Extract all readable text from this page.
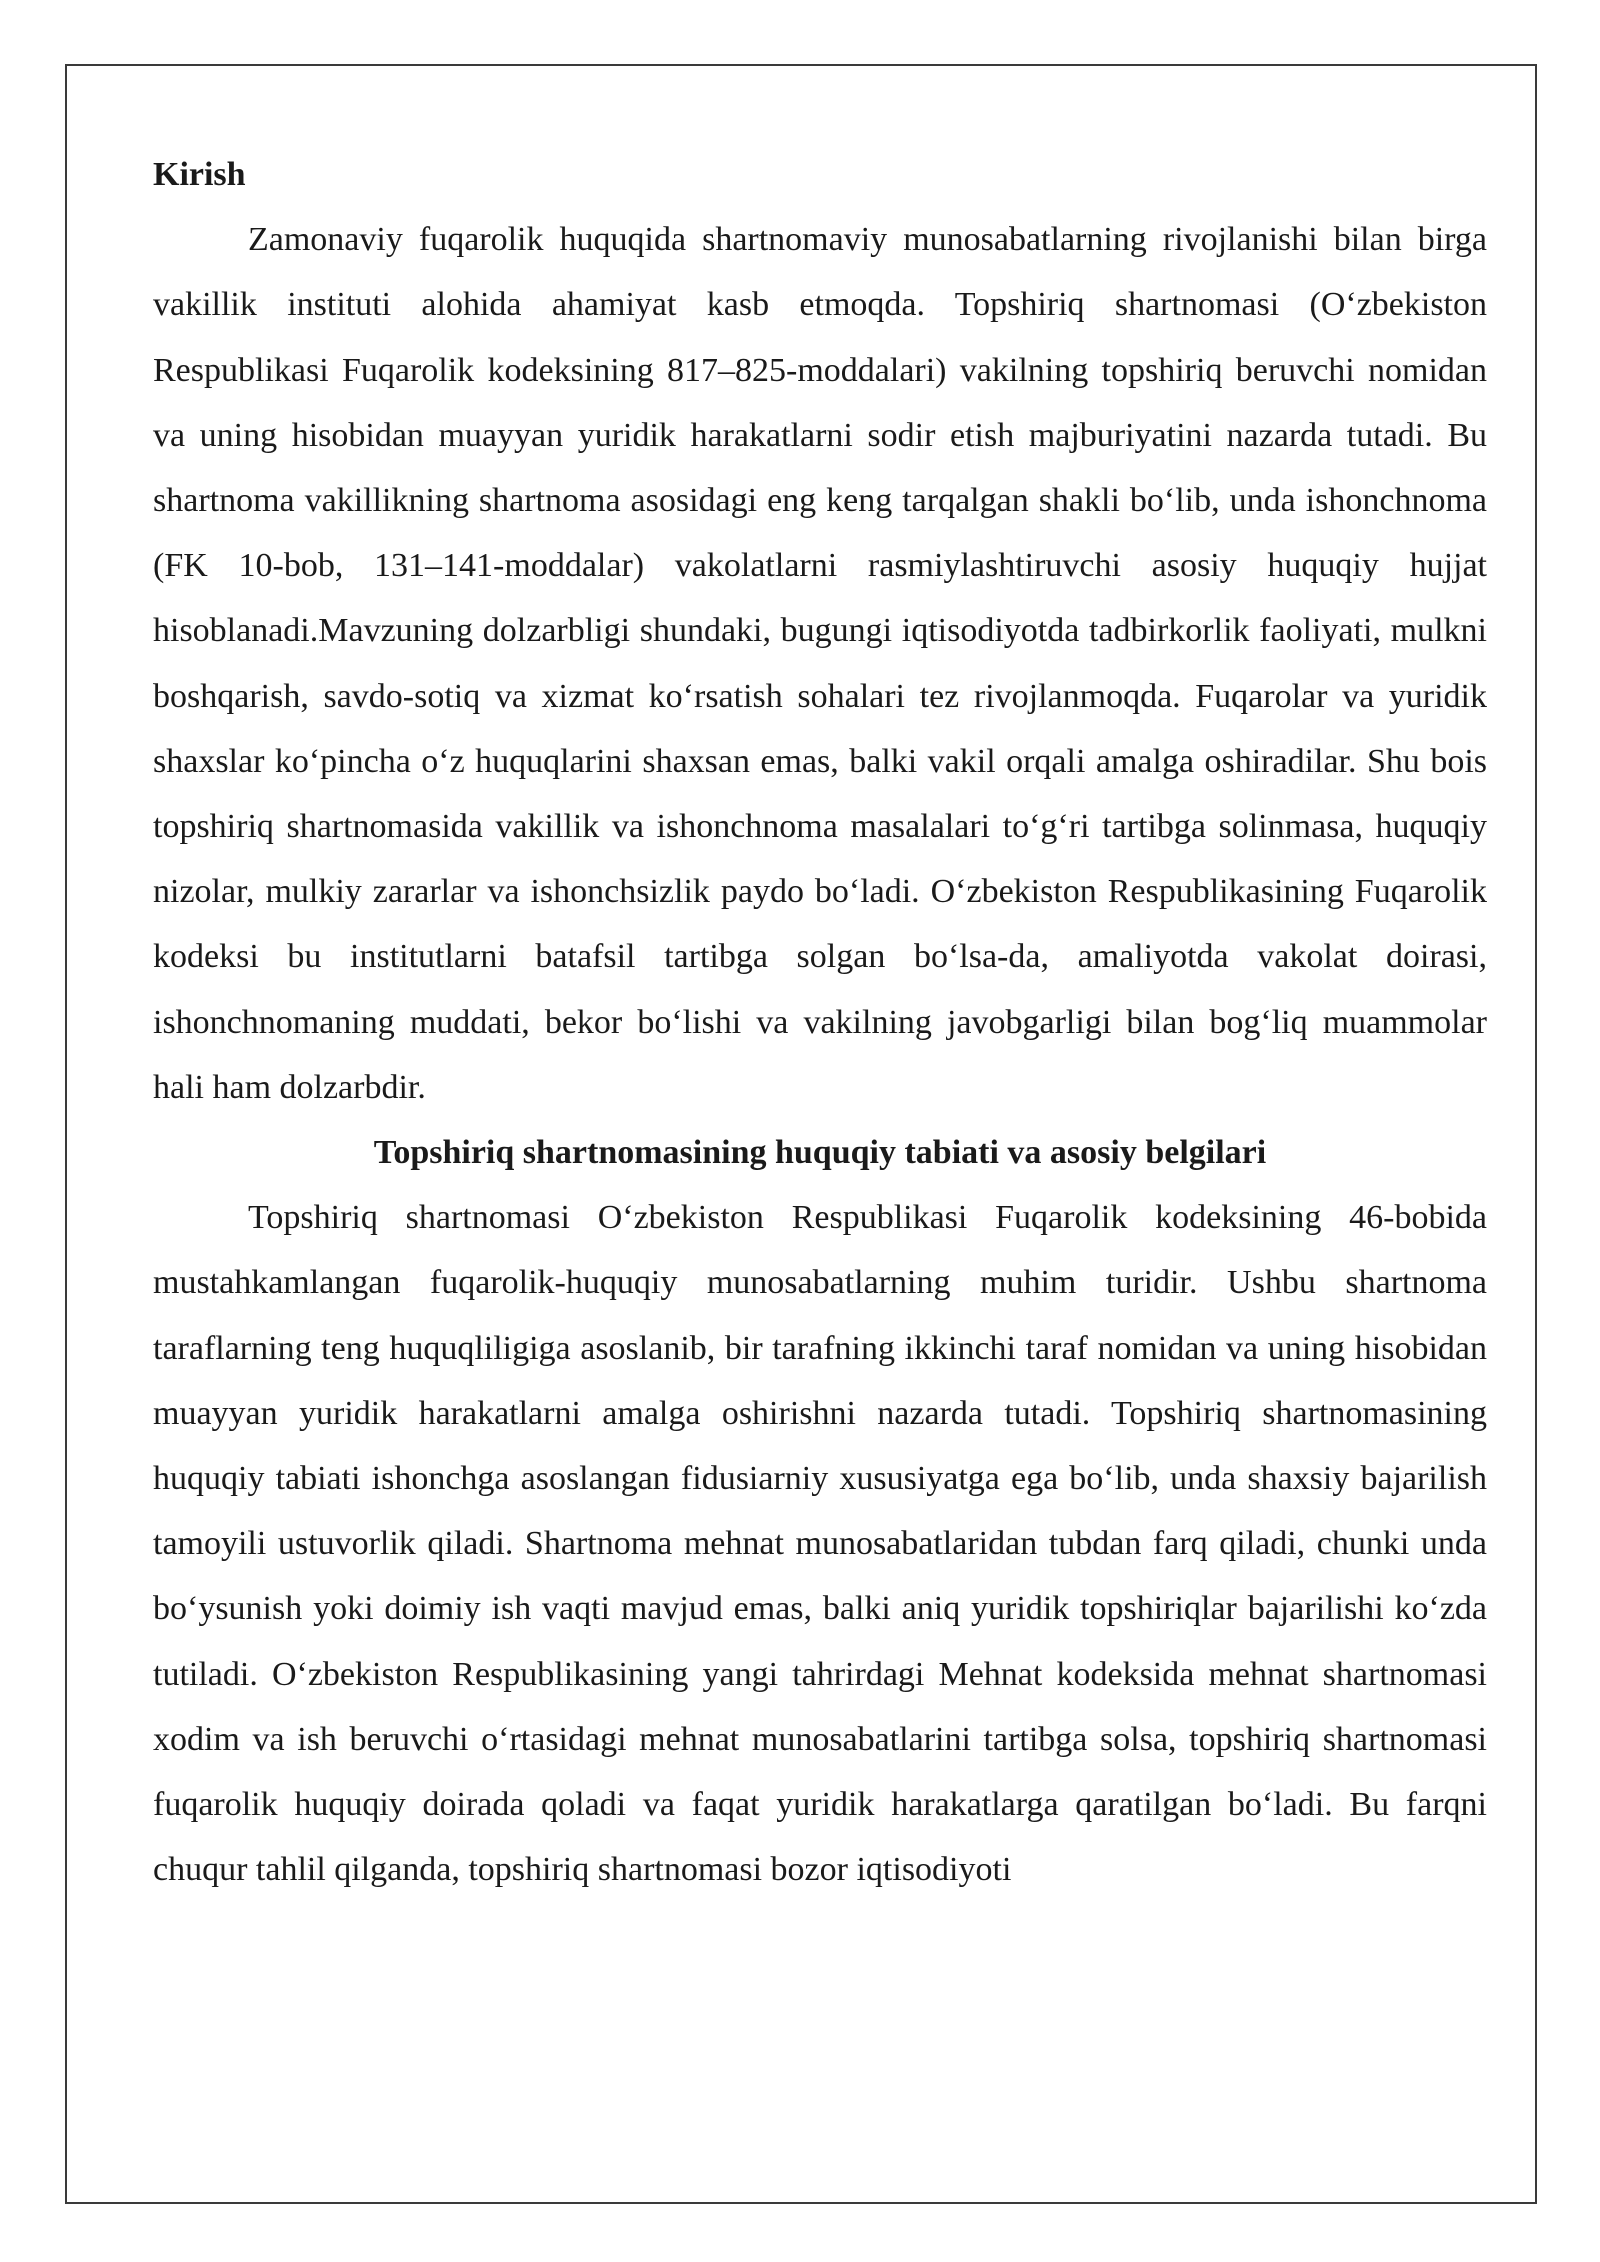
Kirish

Zamonaviy fuqarolik huquqida shartnomaviy munosabatlarning rivojlanishi bilan birga vakillik instituti alohida ahamiyat kasb etmoqda. Topshiriq shartnomasi (O‘zbekiston Respublikasi Fuqarolik kodeksining 817–825-moddalari) vakilning topshiriq beruvchi nomidan va uning hisobidan muayyan yuridik harakatlarni sodir etish majburiyatini nazarda tutadi. Bu shartnoma vakillikning shartnoma asosidagi eng keng tarqalgan shakli bo‘lib, unda ishonchnoma (FK 10-bob, 131–141-moddalar) vakolatlarni rasmiylashtiruvchi asosiy huquqiy hujjat hisoblanadi.Mavzuning dolzarbligi shundaki, bugungi iqtisodiyotda tadbirkorlik faoliyati, mulkni boshqarish, savdo-sotiq va xizmat ko‘rsatish sohalari tez rivojlanmoqda. Fuqarolar va yuridik shaxslar ko‘pincha o‘z huquqlarini shaxsan emas, balki vakil orqali amalga oshiradilar. Shu bois topshiriq shartnomasida vakillik va ishonchnoma masalalari to‘g‘ri tartibga solinmasa, huquqiy nizolar, mulkiy zararlar va ishonchsizlik paydo bo‘ladi. O‘zbekiston Respublikasining Fuqarolik kodeksi bu institutlarni batafsil tartibga solgan bo‘lsa-da, amaliyotda vakolat doirasi, ishonchnomaning muddati, bekor bo‘lishi va vakilning javobgarligi bilan bog‘liq muammolar hali ham dolzarbdir.

Topshiriq shartnomasining huquqiy tabiati va asosiy belgilari

Topshiriq shartnomasi O‘zbekiston Respublikasi Fuqarolik kodeksining 46-bobida mustahkamlangan fuqarolik-huquqiy munosabatlarning muhim turidir. Ushbu shartnoma taraflarning teng huquqliligiga asoslanib, bir tarafning ikkinchi taraf nomidan va uning hisobidan muayyan yuridik harakatlarni amalga oshirishni nazarda tutadi. Topshiriq shartnomasining huquqiy tabiati ishonchga asoslangan fidusiarniy xususiyatga ega bo‘lib, unda shaxsiy bajarilish tamoyili ustuvorlik qiladi. Shartnoma mehnat munosabatlaridan tubdan farq qiladi, chunki unda bo‘ysunish yoki doimiy ish vaqti mavjud emas, balki aniq yuridik topshiriqlar bajarilishi ko‘zda tutiladi. O‘zbekiston Respublikasining yangi tahrirdagi Mehnat kodeksida mehnat shartnomasi xodim va ish beruvchi o‘rtasidagi mehnat munosabatlarini tartibga solsa, topshiriq shartnomasi fuqarolik huquqiy doirada qoladi va faqat yuridik harakatlarga qaratilgan bo‘ladi. Bu farqni chuqur tahlil qilganda, topshiriq shartnomasi bozor iqtisodiyoti
